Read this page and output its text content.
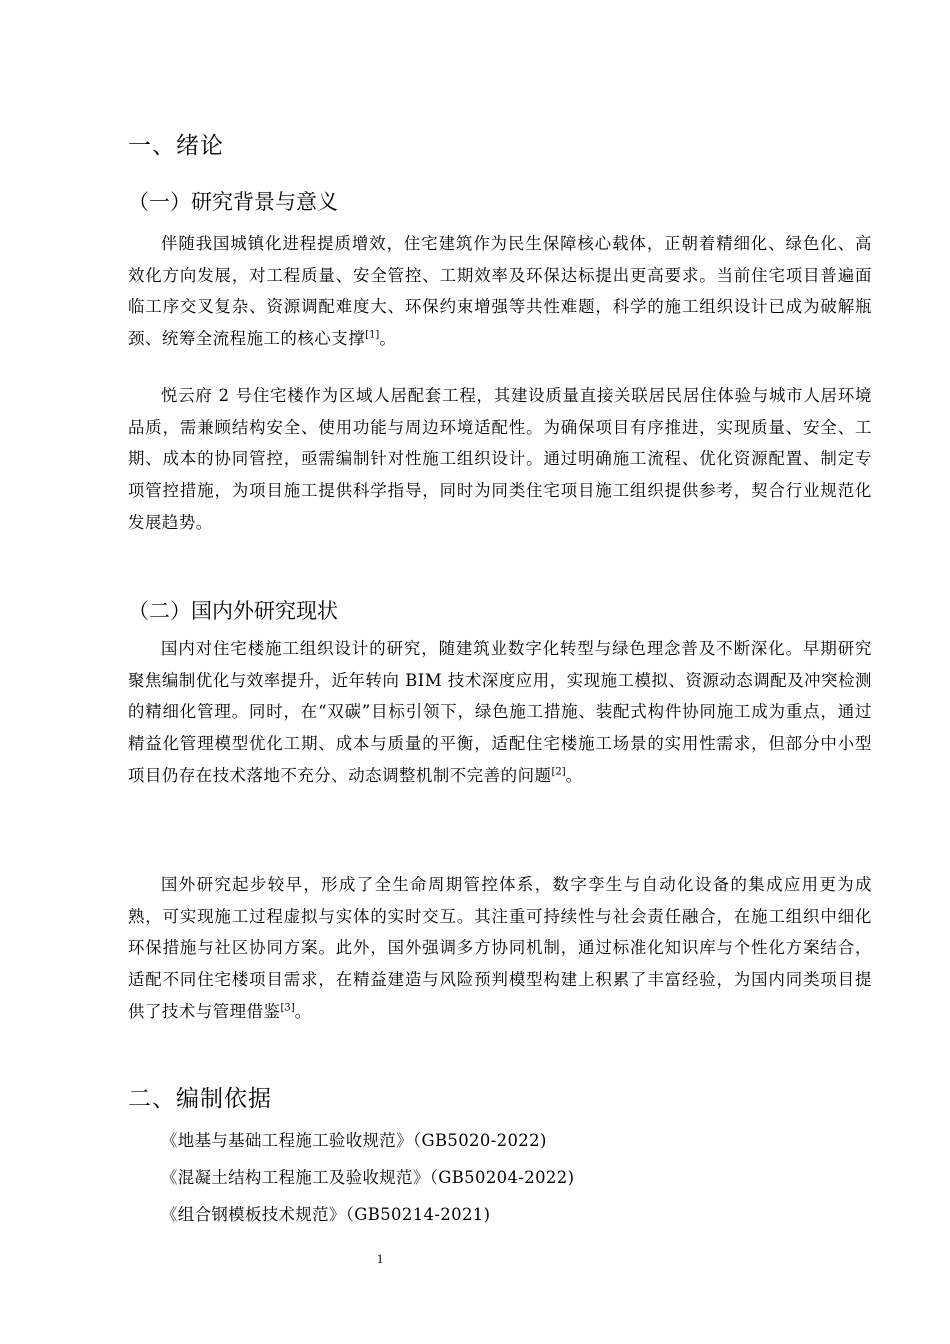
一、绪论
（一）研究背景与意义

伴随我国城镇化进程提质增效，住宅建筑作为民生保障核心载体，正朝着精细化、绿色化、高效化方向发展，对工程质量、安全管控、工期效率及环保达标提出更高要求。当前住宅项目普遍面临工序交叉复杂、资源调配难度大、环保约束增强等共性难题，科学的施工组织设计已成为破解瓶颈、统筹全流程施工的核心支撑[1]。

悦云府 2 号住宅楼作为区域人居配套工程，其建设质量直接关联居民居住体验与城市人居环境品质，需兼顾结构安全、使用功能与周边环境适配性。为确保项目有序推进，实现质量、安全、工期、成本的协同管控，亟需编制针对性施工组织设计。通过明确施工流程、优化资源配置、制定专项管控措施，为项目施工提供科学指导，同时为同类住宅项目施工组织提供参考，契合行业规范化发展趋势。

（二）国内外研究现状

国内对住宅楼施工组织设计的研究，随建筑业数字化转型与绿色理念普及不断深化。早期研究聚焦编制优化与效率提升，近年转向 BIM 技术深度应用，实现施工模拟、资源动态调配及冲突检测的精细化管理。同时，在“双碳”目标引领下，绿色施工措施、装配式构件协同施工成为重点，通过精益化管理模型优化工期、成本与质量的平衡，适配住宅楼施工场景的实用性需求，但部分中小型项目仍存在技术落地不充分、动态调整机制不完善的问题[2]。

国外研究起步较早，形成了全生命周期管控体系，数字孪生与自动化设备的集成应用更为成熟，可实现施工过程虚拟与实体的实时交互。其注重可持续性与社会责任融合，在施工组织中细化环保措施与社区协同方案。此外，国外强调多方协同机制，通过标准化知识库与个性化方案结合，适配不同住宅楼项目需求，在精益建造与风险预判模型构建上积累了丰富经验，为国内同类项目提供了技术与管理借鉴[3]。

二、编制依据

《地基与基础工程施工验收规范》（GB5020-2022)

《混凝土结构工程施工及验收规范》（GB50204-2022)

《组合钢模板技术规范》（GB50214-2021)

1
